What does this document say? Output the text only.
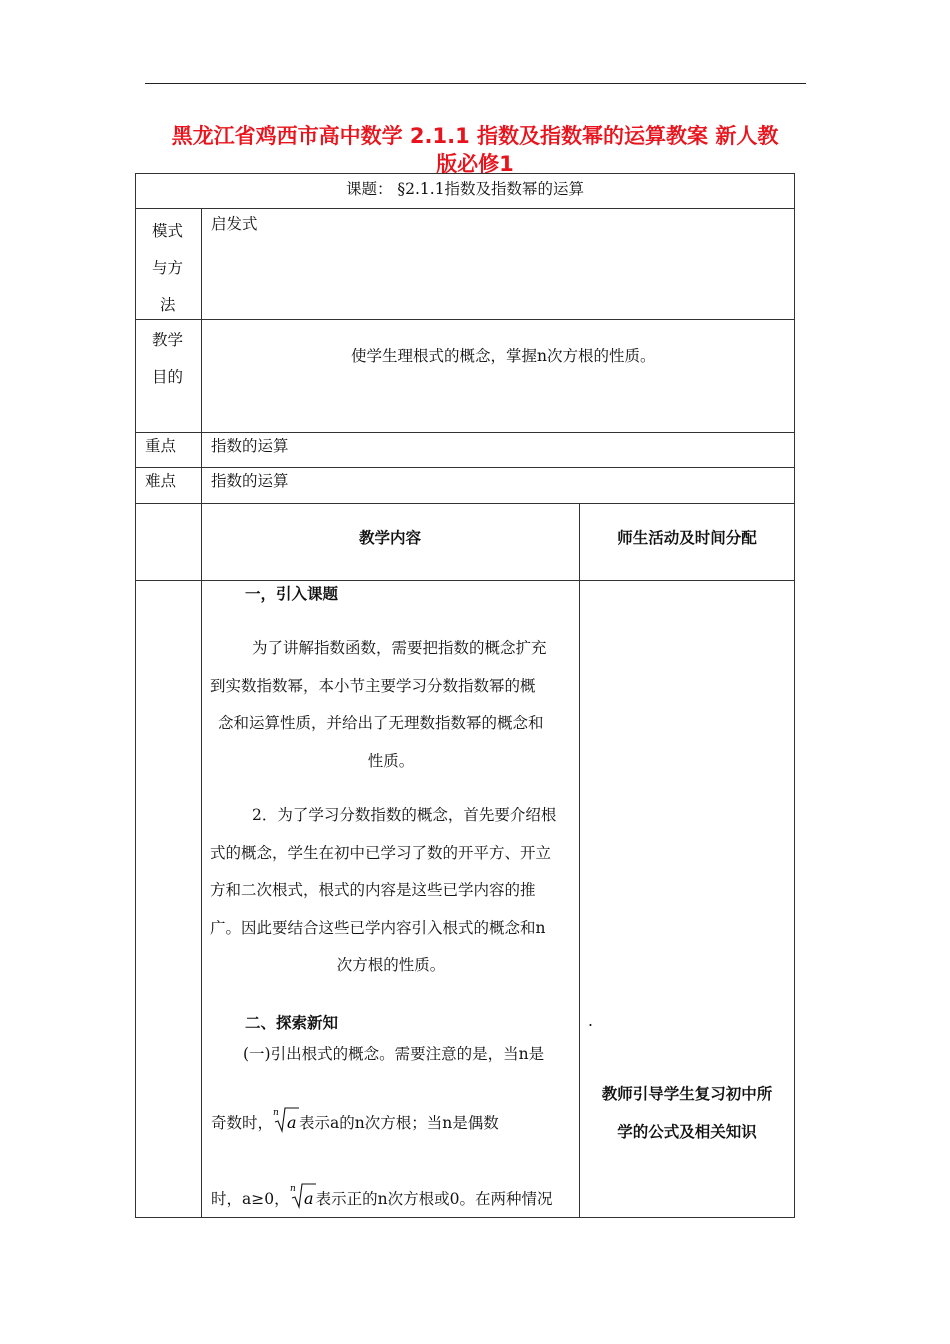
黑龙江省鸡西市高中数学 2.1.1 指数及指数幂的运算教案 新人教
版必修1
课题： §2.1.1指数及指数幂的运算
模式
与方
法
启发式
教学
目的
使学生理根式的概念，掌握n次方根的性质。
重点 指数的运算
难点 指数的运算
教学内容	师生活动及时间分配
一，引入课题
为了讲解指数函数，需要把指数的概念扩充
到实数指数幂，本小节主要学习分数指数幂的概
念和运算性质，并给出了无理数指数幂的概念和
性质。
2．为了学习分数指数的概念，首先要介绍根
式的概念，学生在初中已学习了数的开平方、开立
方和二次根式，根式的内容是这些已学内容的推
广。因此要结合这些已学内容引入根式的概念和n
次方根的性质。
二、探索新知
(一)引出根式的概念。需要注意的是，当n是
奇数时，
n a 表示a的n次方根；当n是偶数
时，a≥0，
n a 表示正的n次方根或0。在两种情况
.
教师引导学生复习初中所
学的公式及相关知识
